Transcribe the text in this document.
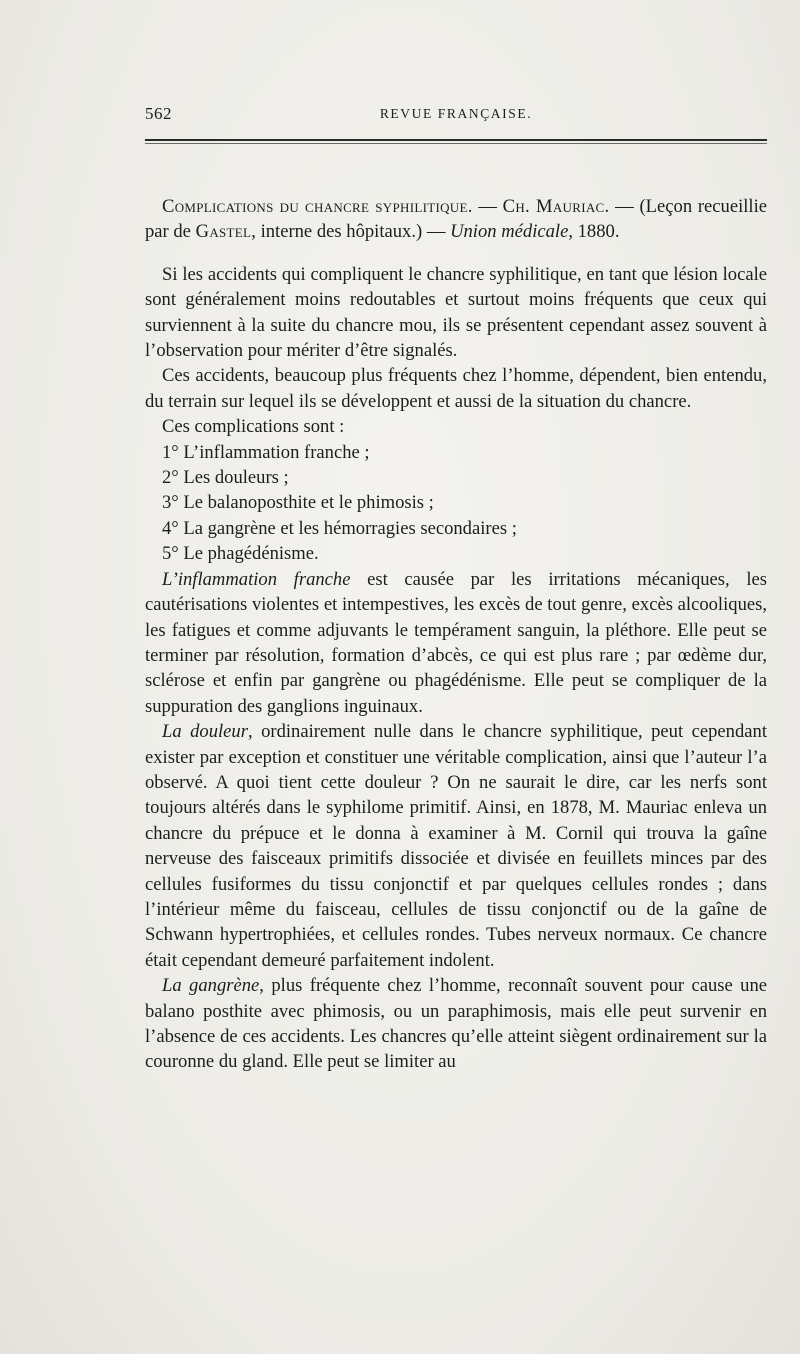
562	REVUE FRANÇAISE.

Complications du chancre syphilitique. — Ch. Mauriac. — (Leçon recueillie par de Gastel, interne des hôpitaux.) — Union médicale, 1880.

Si les accidents qui compliquent le chancre syphilitique, en tant que lésion locale sont généralement moins redoutables et surtout moins fréquents que ceux qui surviennent à la suite du chancre mou, ils se présentent cependant assez souvent à l’observation pour mériter d’être signalés.

Ces accidents, beaucoup plus fréquents chez l’homme, dépendent, bien entendu, du terrain sur lequel ils se développent et aussi de la situation du chancre.

Ces complications sont :

1° L’inflammation franche ;

2° Les douleurs ;

3° Le balanoposthite et le phimosis ;

4° La gangrène et les hémorragies secondaires ;

5° Le phagédénisme.

L’inflammation franche est causée par les irritations mécaniques, les cautérisations violentes et intempestives, les excès de tout genre, excès alcooliques, les fatigues et comme adjuvants le tempérament sanguin, la pléthore. Elle peut se terminer par résolution, formation d’abcès, ce qui est plus rare ; par œdème dur, sclérose et enfin par gangrène ou phagédénisme. Elle peut se compliquer de la suppuration des ganglions inguinaux.

La douleur, ordinairement nulle dans le chancre syphilitique, peut cependant exister par exception et constituer une véritable complication, ainsi que l’auteur l’a observé. A quoi tient cette douleur ? On ne saurait le dire, car les nerfs sont toujours altérés dans le syphilome primitif. Ainsi, en 1878, M. Mauriac enleva un chancre du prépuce et le donna à examiner à M. Cornil qui trouva la gaîne nerveuse des faisceaux primitifs dissociée et divisée en feuillets minces par des cellules fusiformes du tissu conjonctif et par quelques cellules rondes ; dans l’intérieur même du faisceau, cellules de tissu conjonctif ou de la gaîne de Schwann hypertrophiées, et cellules rondes. Tubes nerveux normaux. Ce chancre était cependant demeuré parfaitement indolent.

La gangrène, plus fréquente chez l’homme, reconnaît souvent pour cause une balano posthite avec phimosis, ou un paraphimosis, mais elle peut survenir en l’absence de ces accidents. Les chancres qu’elle atteint siègent ordinairement sur la couronne du gland. Elle peut se limiter au
